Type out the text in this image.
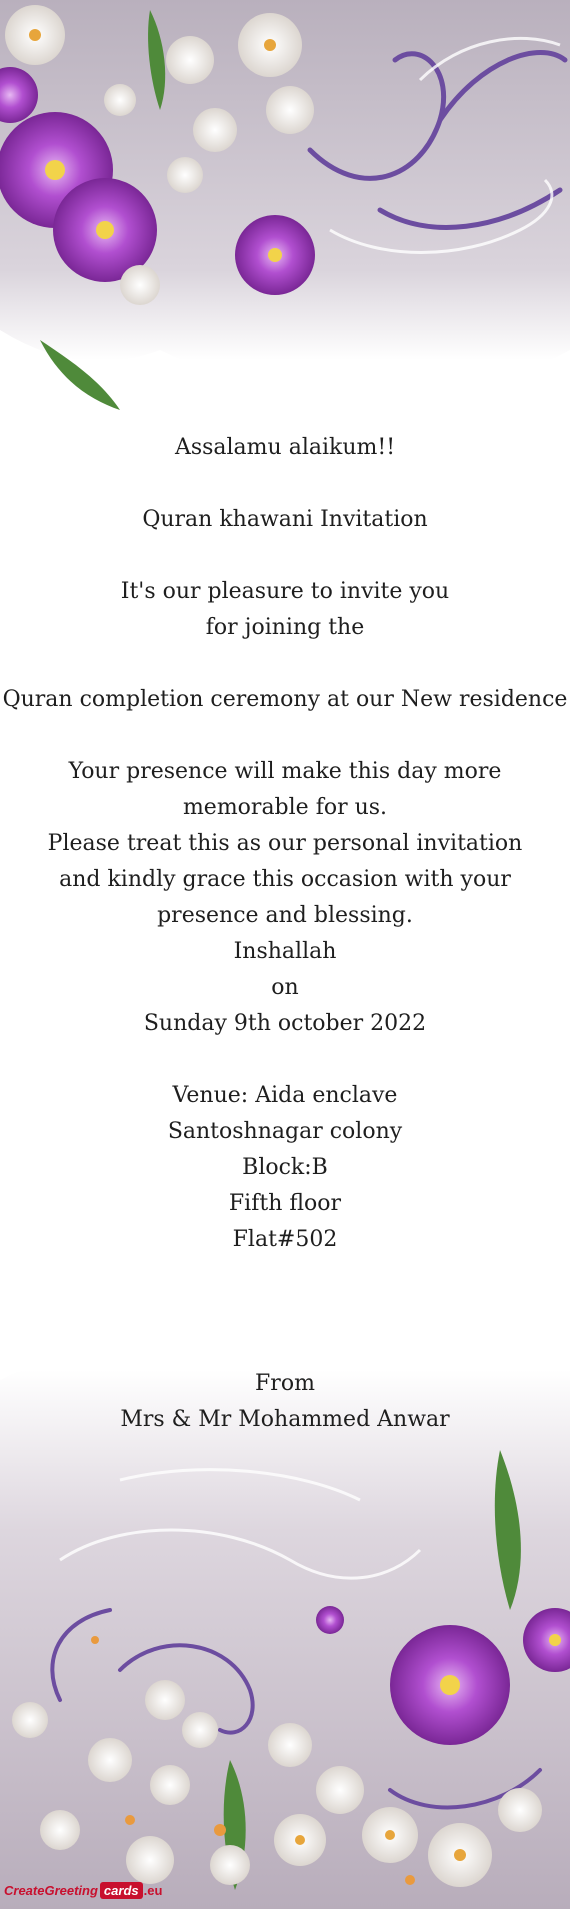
Assalamu alaikum!!
Quran khawani Invitation
It's our pleasure to invite you
for joining the
Quran completion ceremony at our New residence
Your presence will make this day more memorable for us.
Please treat this as our personal invitation and kindly grace this occasion with your presence and blessing.
Inshallah
on
Sunday 9th october 2022
Venue: Aida enclave
Santoshnagar colony
Block:B
Fifth floor
Flat#502
From
Mrs & Mr Mohammed Anwar
CreateGreeting cards .eu
